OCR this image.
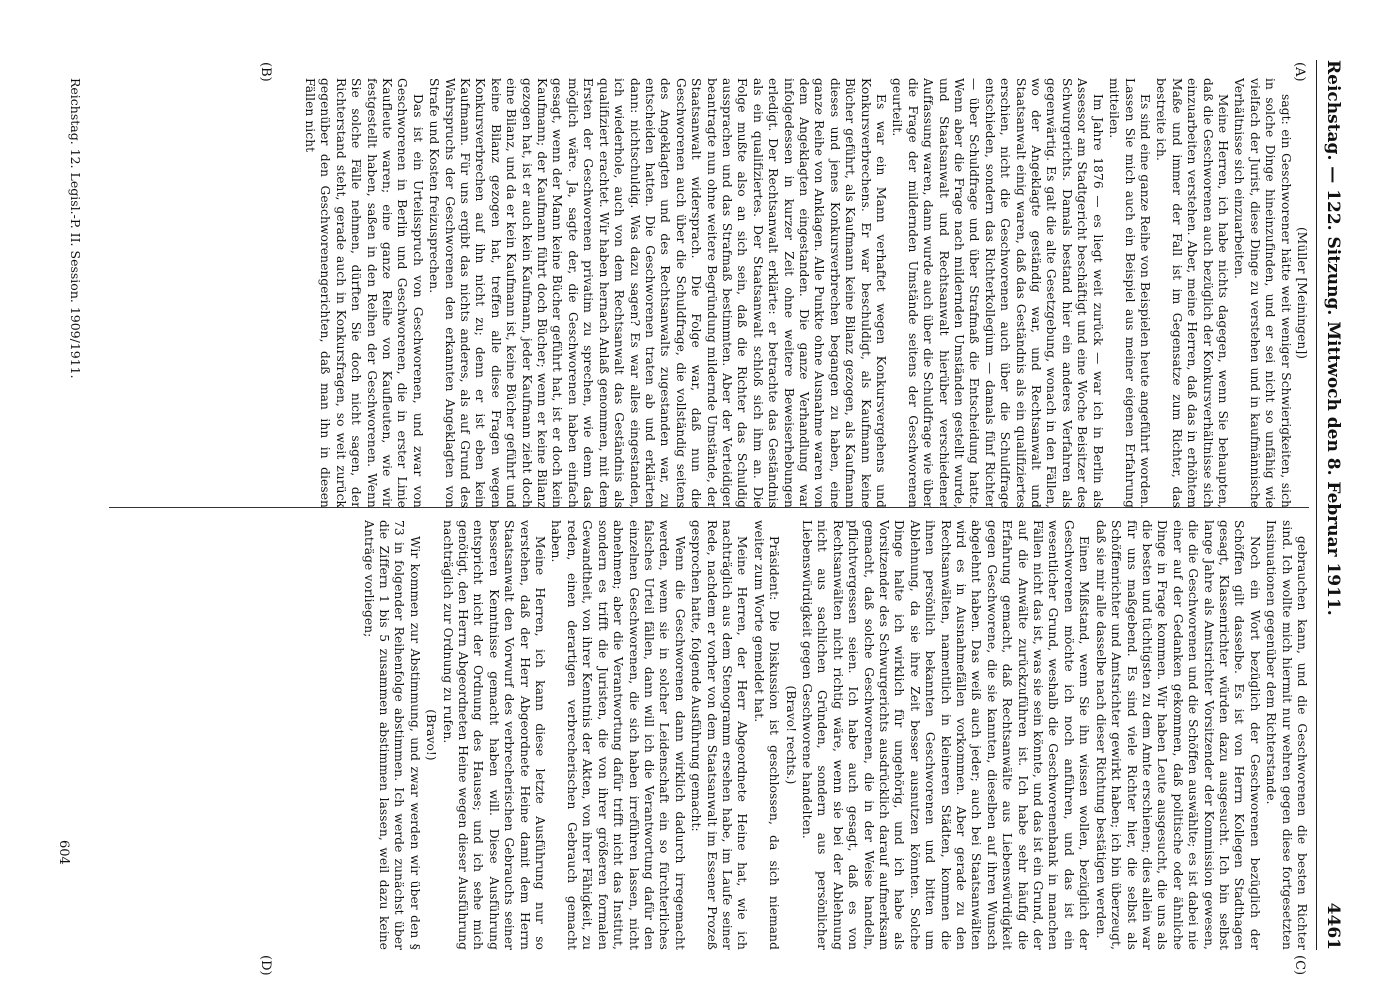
Reichstag. — 122. Sitzung. Mittwoch den 8. Februar 1911.
4461
(A)
(B)
(C)
(D)

(Müller [Meiningen])

sagt: ein Geschworener hätte weit weniger Schwierigkeiten, sich in solche Dinge hineinzufinden, und er sei nicht so unfähig wie vielfach der Jurist, diese Dinge zu verstehen und in kaufmännische Verhältnisse sich einzuarbeiten.

Meine Herren, ich habe nichts dagegen, wenn Sie behaupten, daß die Geschworenen auch bezüglich der Konkursverhältnisse sich einzuarbeiten verstehen. Aber, meine Herren, daß das in erhöhtem Maße und immer der Fall ist im Gegensatze zum Richter, das bestreite ich.

Es sind eine ganze Reihe von Beispielen heute angeführt worden. Lassen Sie mich auch ein Beispiel aus meiner eigenen Erfahrung mitteilen.

Im Jahre 1876 — es liegt weit zurück — war ich in Berlin als Assessor am Stadtgericht beschäftigt und eine Woche Beisitzer des Schwurgerichts. Damals bestand hier ein anderes Verfahren als gegenwärtig. Es galt die alte Gesetzgebung, wonach in den Fällen, wo der Angeklagte geständig war, und Rechtsanwalt und Staatsanwalt einig waren, daß das Geständnis als ein qualifiziertes erschien, nicht die Geschworenen auch über die Schuldfrage entschieden, sondern das Richterkollegium — damals fünf Richter — über Schuldfrage und über Strafmaß die Entscheidung hatte. Wenn aber die Frage nach mildernden Umständen gestellt wurde, und Staatsanwalt und Rechtsanwalt hierüber verschiedener Auffassung waren, dann wurde auch über die Schuldfrage wie über die Frage der mildernden Umstände seitens der Geschworenen geurteilt.

Es war ein Mann verhaftet wegen Konkursvergehens und Konkursverbrechens. Er war beschuldigt, als Kaufmann keine Bücher geführt, als Kaufmann keine Bilanz gezogen, als Kaufmann dieses und jenes Konkursverbrechen begangen zu haben, eine ganze Reihe von Anklagen. Alle Punkte ohne Ausnahme waren von dem Angeklagten eingestanden. Die ganze Verhandlung war infolgedessen in kurzer Zeit ohne weitere Beweiserhebungen erledigt. Der Rechtsanwalt erklärte: er betrachte das Geständnis als ein qualifiziertes. Der Staatsanwalt schloß sich ihm an. Die Folge mußte also an sich sein, daß die Richter das Schuldig aussprachen und das Strafmaß bestimmten. Aber der Verteidiger beantragte nun ohne weitere Begründung mildernde Umstände, der Staatsanwalt widersprach. Die Folge war, daß nun die Geschworenen auch über die Schuldfrage, die vollständig seitens des Angeklagten und des Rechtsanwalts zugestanden war, zu entscheiden hatten. Die Geschworenen traten ab und erklärten dann: nichtschuldig. Was dazu sagen? Es war alles eingestanden, ich wiederhole, auch von dem Rechtsanwalt das Geständnis als qualifiziert erachtet. Wir haben hernach Anlaß genommen, mit dem Ersten der Geschworenen privatim zu sprechen, wie denn das möglich wäre. Ja, sagte der, die Geschworenen haben einfach gesagt, wenn der Mann keine Bücher geführt hat, ist er doch kein Kaufmann; der Kaufmann führt doch Bücher; wenn er keine Bilanz gezogen hat, ist er auch kein Kaufmann, jeder Kaufmann zieht doch eine Bilanz, und da er kein Kaufmann ist, keine Bücher geführt und keine Bilanz gezogen hat, treffen alle diese Fragen wegen Konkursverbrechen auf ihn nicht zu; denn er ist eben kein Kaufmann. Für uns ergibt das nichts anderes, als auf Grund des Wahrspruchs der Geschworenen den erkannten Angeklagten von Strafe und Kosten freizusprechen.

Das ist ein Urteilsspruch von Geschworenen, und zwar von Geschworenen in Berlin und Geschworenen, die in erster Linie Kaufleute waren; eine ganze Reihe von Kaufleuten, wie wir festgestellt haben, saßen in den Reihen der Geschworenen. Wenn Sie solche Fälle nehmen, dürften Sie doch nicht sagen, der Richterstand steht, gerade auch in Konkursfragen, so weit zurück gegenüber den Geschworenengerichten, daß man ihn in diesen Fällen nicht

gebrauchen kann, und die Geschworenen die besten Richter sind. Ich wollte mich hiermit nur wehren gegen diese fortgesetzten Insinuationen gegenüber dem Richterstande.

Noch ein Wort bezüglich der Geschworenen bezüglich der Schöffen gilt dasselbe. Es ist von Herrn Kollegen Stadthagen gesagt, Klassenrichter würden dazu ausgesucht. Ich bin selbst lange Jahre als Amtsrichter Vorsitzender der Kommission gewesen, die die Geschworenen und die Schöffen auswählte; es ist dabei nie einer auf der Gedanken gekommen, daß politische oder ähnliche Dinge in Frage kommen. Wir haben Leute ausgesucht, die uns als die besten und tüchtigsten zu dem Amte erschienen; dies allein war für uns maßgebend. Es sind viele Richter hier, die selbst als Schöffenrichter und Amtsrichter gewirkt haben; ich bin überzeugt, daß sie mir alle dasselbe nach dieser Richtung bestätigen werden.

Einen Mißstand, wenn Sie ihn wissen wollen, bezüglich der Geschworenen möchte ich noch anführen, und das ist ein wesentlicher Grund, weshalb die Geschworenenbank in manchen Fällen nicht das ist, was sie sein könnte, und das ist ein Grund, der auf die Anwälte zurückzuführen ist. Ich habe sehr häufig die Erfahrung gemacht, daß Rechtsanwälte aus Liebenswürdigkeit gegen Geschworene, die sie kannten, dieselben auf ihren Wunsch abgelehnt haben. Das weiß auch jeder; auch bei Staatsanwälten wird es in Ausnahmefällen vorkommen. Aber gerade zu den Rechtsanwälten, namentlich in kleineren Städten, kommen die ihnen persönlich bekannten Geschworenen und bitten um Ablehnung, da sie ihre Zeit besser ausnutzen könnten. Solche Dinge halte ich wirklich für ungehörig, und ich habe als Vorsitzender des Schwurgerichts ausdrücklich darauf aufmerksam gemacht, daß solche Geschworenen, die in der Weise handeln, pflichtvergessen seien. Ich habe auch gesagt, daß es von Rechtsanwälten nicht richtig wäre, wenn sie bei der Ablehnung nicht aus sachlichen Gründen, sondern aus persönlicher Liebenswürdigkeit gegen Geschworene handelten.

(Bravo! rechts.)

Präsident: Die Diskussion ist geschlossen, da sich niemand weiter zum Worte gemeldet hat.

Meine Herren, der Herr Abgeordnete Heine hat, wie ich nachträglich aus dem Stenogramm ersehen habe, im Laufe seiner Rede, nachdem er vorher von dem Staatsanwalt im Essener Prozeß gesprochen hatte, folgende Ausführung gemacht:

Wenn die Geschworenen dann wirklich dadurch irregemacht werden, wenn sie in solcher Leidenschaft ein so fürchterliches falsches Urteil fällen, dann will ich die Verantwortung dafür den einzelnen Geschworenen, die sich haben irreführen lassen, nicht abnehmen; aber die Verantwortung dafür trifft nicht das Institut, sondern es trifft die Juristen, die von ihrer größeren formalen Gewandtheit, von ihrer Kenntnis der Akten, von ihrer Fähigkeit, zu reden, einen derartigen verbrecherischen Gebrauch gemacht haben.

Meine Herren, ich kann diese letzte Ausführung nur so verstehen, daß der Herr Abgeordnete Heine damit dem Herrn Staatsanwalt den Vorwurf des verbrecherischen Gebrauchs seiner besseren Kenntnisse gemacht haben will. Diese Ausführung entspricht nicht der Ordnung des Hauses; und ich sehe mich genötigt, den Herrn Abgeordneten Heine wegen dieser Ausführung nachträglich zur Ordnung zu rufen.

(Bravo!)

Wir kommen zur Abstimmung, und zwar werden wir über den § 73 in folgender Reihenfolge abstimmen. Ich werde zunächst über die Ziffern 1 bis 5 zusammen abstimmen lassen, weil dazu keine Anträge vorliegen;

Reichstag. 12. Legisl.-P. II. Session. 1909/1911.
604
